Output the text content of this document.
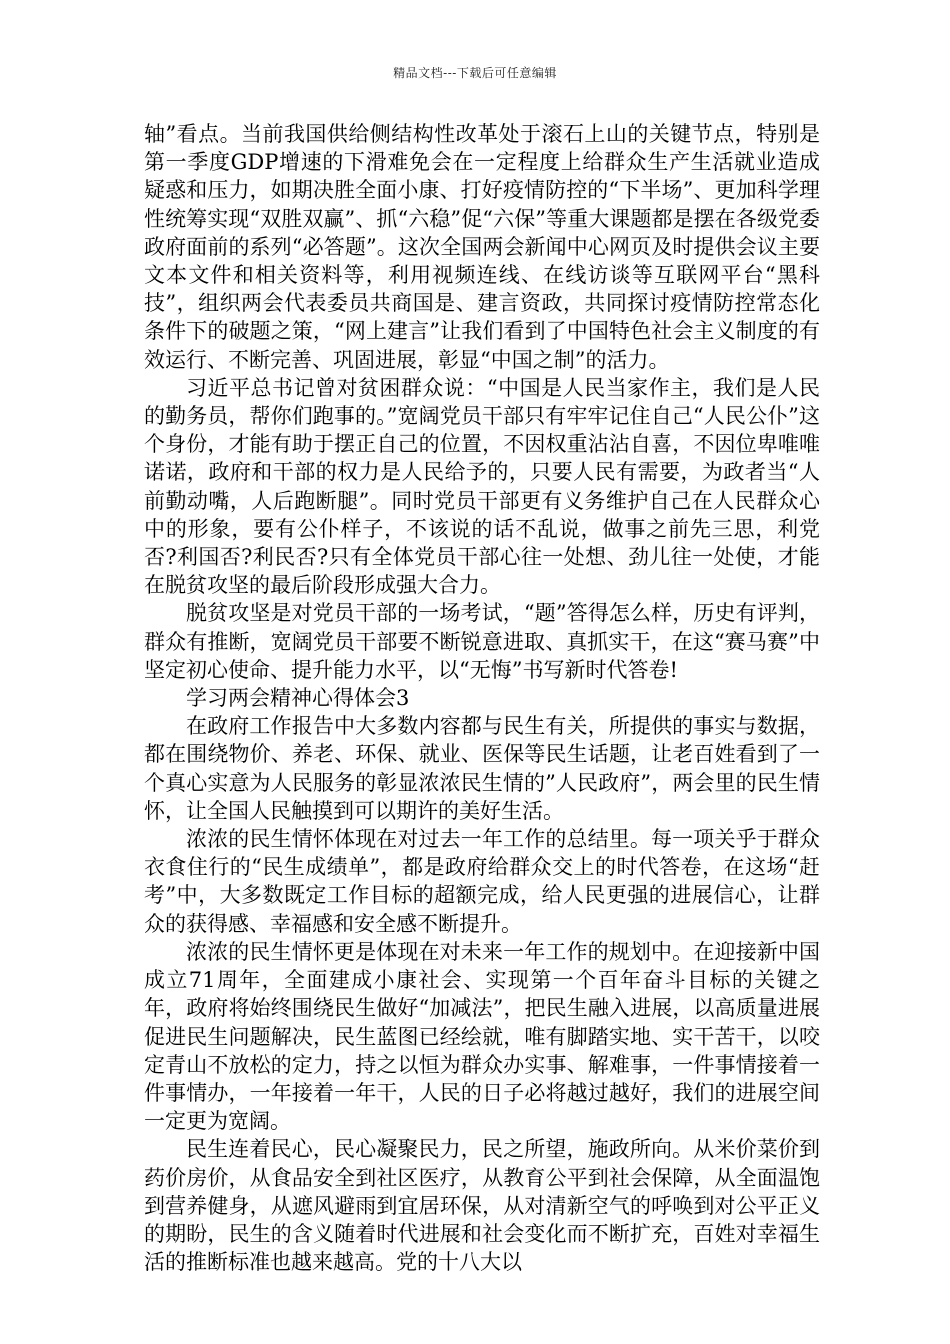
精品文档---下载后可任意编辑

轴”看点。当前我国供给侧结构性改革处于滚石上山的关键节点，特别是第一季度GDP增速的下滑难免会在一定程度上给群众生产生活就业造成疑惑和压力，如期决胜全面小康、打好疫情防控的“下半场”、更加科学理性统筹实现“双胜双赢”、抓“六稳”促“六保”等重大课题都是摆在各级党委政府面前的系列“必答题”。这次全国两会新闻中心网页及时提供会议主要文本文件和相关资料等，利用视频连线、在线访谈等互联网平台“黑科技”，组织两会代表委员共商国是、建言资政，共同探讨疫情防控常态化条件下的破题之策，“网上建言”让我们看到了中国特色社会主义制度的有效运行、不断完善、巩固进展，彰显“中国之制”的活力。

习近平总书记曾对贫困群众说：“中国是人民当家作主，我们是人民的勤务员，帮你们跑事的。”宽阔党员干部只有牢牢记住自己“人民公仆”这个身份，才能有助于摆正自己的位置，不因权重沾沾自喜，不因位卑唯唯诺诺，政府和干部的权力是人民给予的，只要人民有需要，为政者当“人前勤动嘴，人后跑断腿”。同时党员干部更有义务维护自己在人民群众心中的形象，要有公仆样子，不该说的话不乱说，做事之前先三思，利党否?利国否?利民否?只有全体党员干部心往一处想、劲儿往一处使，才能在脱贫攻坚的最后阶段形成强大合力。

脱贫攻坚是对党员干部的一场考试，“题”答得怎么样，历史有评判，群众有推断，宽阔党员干部要不断锐意进取、真抓实干，在这“赛马赛”中坚定初心使命、提升能力水平，以“无悔”书写新时代答卷!

学习两会精神心得体会3

在政府工作报告中大多数内容都与民生有关，所提供的事实与数据，都在围绕物价、养老、环保、就业、医保等民生话题，让老百姓看到了一个真心实意为人民服务的彰显浓浓民生情的”人民政府”，两会里的民生情怀，让全国人民触摸到可以期许的美好生活。

浓浓的民生情怀体现在对过去一年工作的总结里。每一项关乎于群众衣食住行的“民生成绩单”，都是政府给群众交上的时代答卷，在这场“赶考”中，大多数既定工作目标的超额完成，给人民更强的进展信心，让群众的获得感、幸福感和安全感不断提升。

浓浓的民生情怀更是体现在对未来一年工作的规划中。在迎接新中国成立71周年，全面建成小康社会、实现第一个百年奋斗目标的关键之年，政府将始终围绕民生做好“加减法”，把民生融入进展，以高质量进展促进民生问题解决，民生蓝图已经绘就，唯有脚踏实地、实干苦干，以咬定青山不放松的定力，持之以恒为群众办实事、解难事，一件事情接着一件事情办，一年接着一年干，人民的日子必将越过越好，我们的进展空间一定更为宽阔。

民生连着民心，民心凝聚民力，民之所望，施政所向。从米价菜价到药价房价，从食品安全到社区医疗，从教育公平到社会保障，从全面温饱到营养健身，从遮风避雨到宜居环保，从对清新空气的呼唤到对公平正义的期盼，民生的含义随着时代进展和社会变化而不断扩充，百姓对幸福生活的推断标准也越来越高。党的十八大以
